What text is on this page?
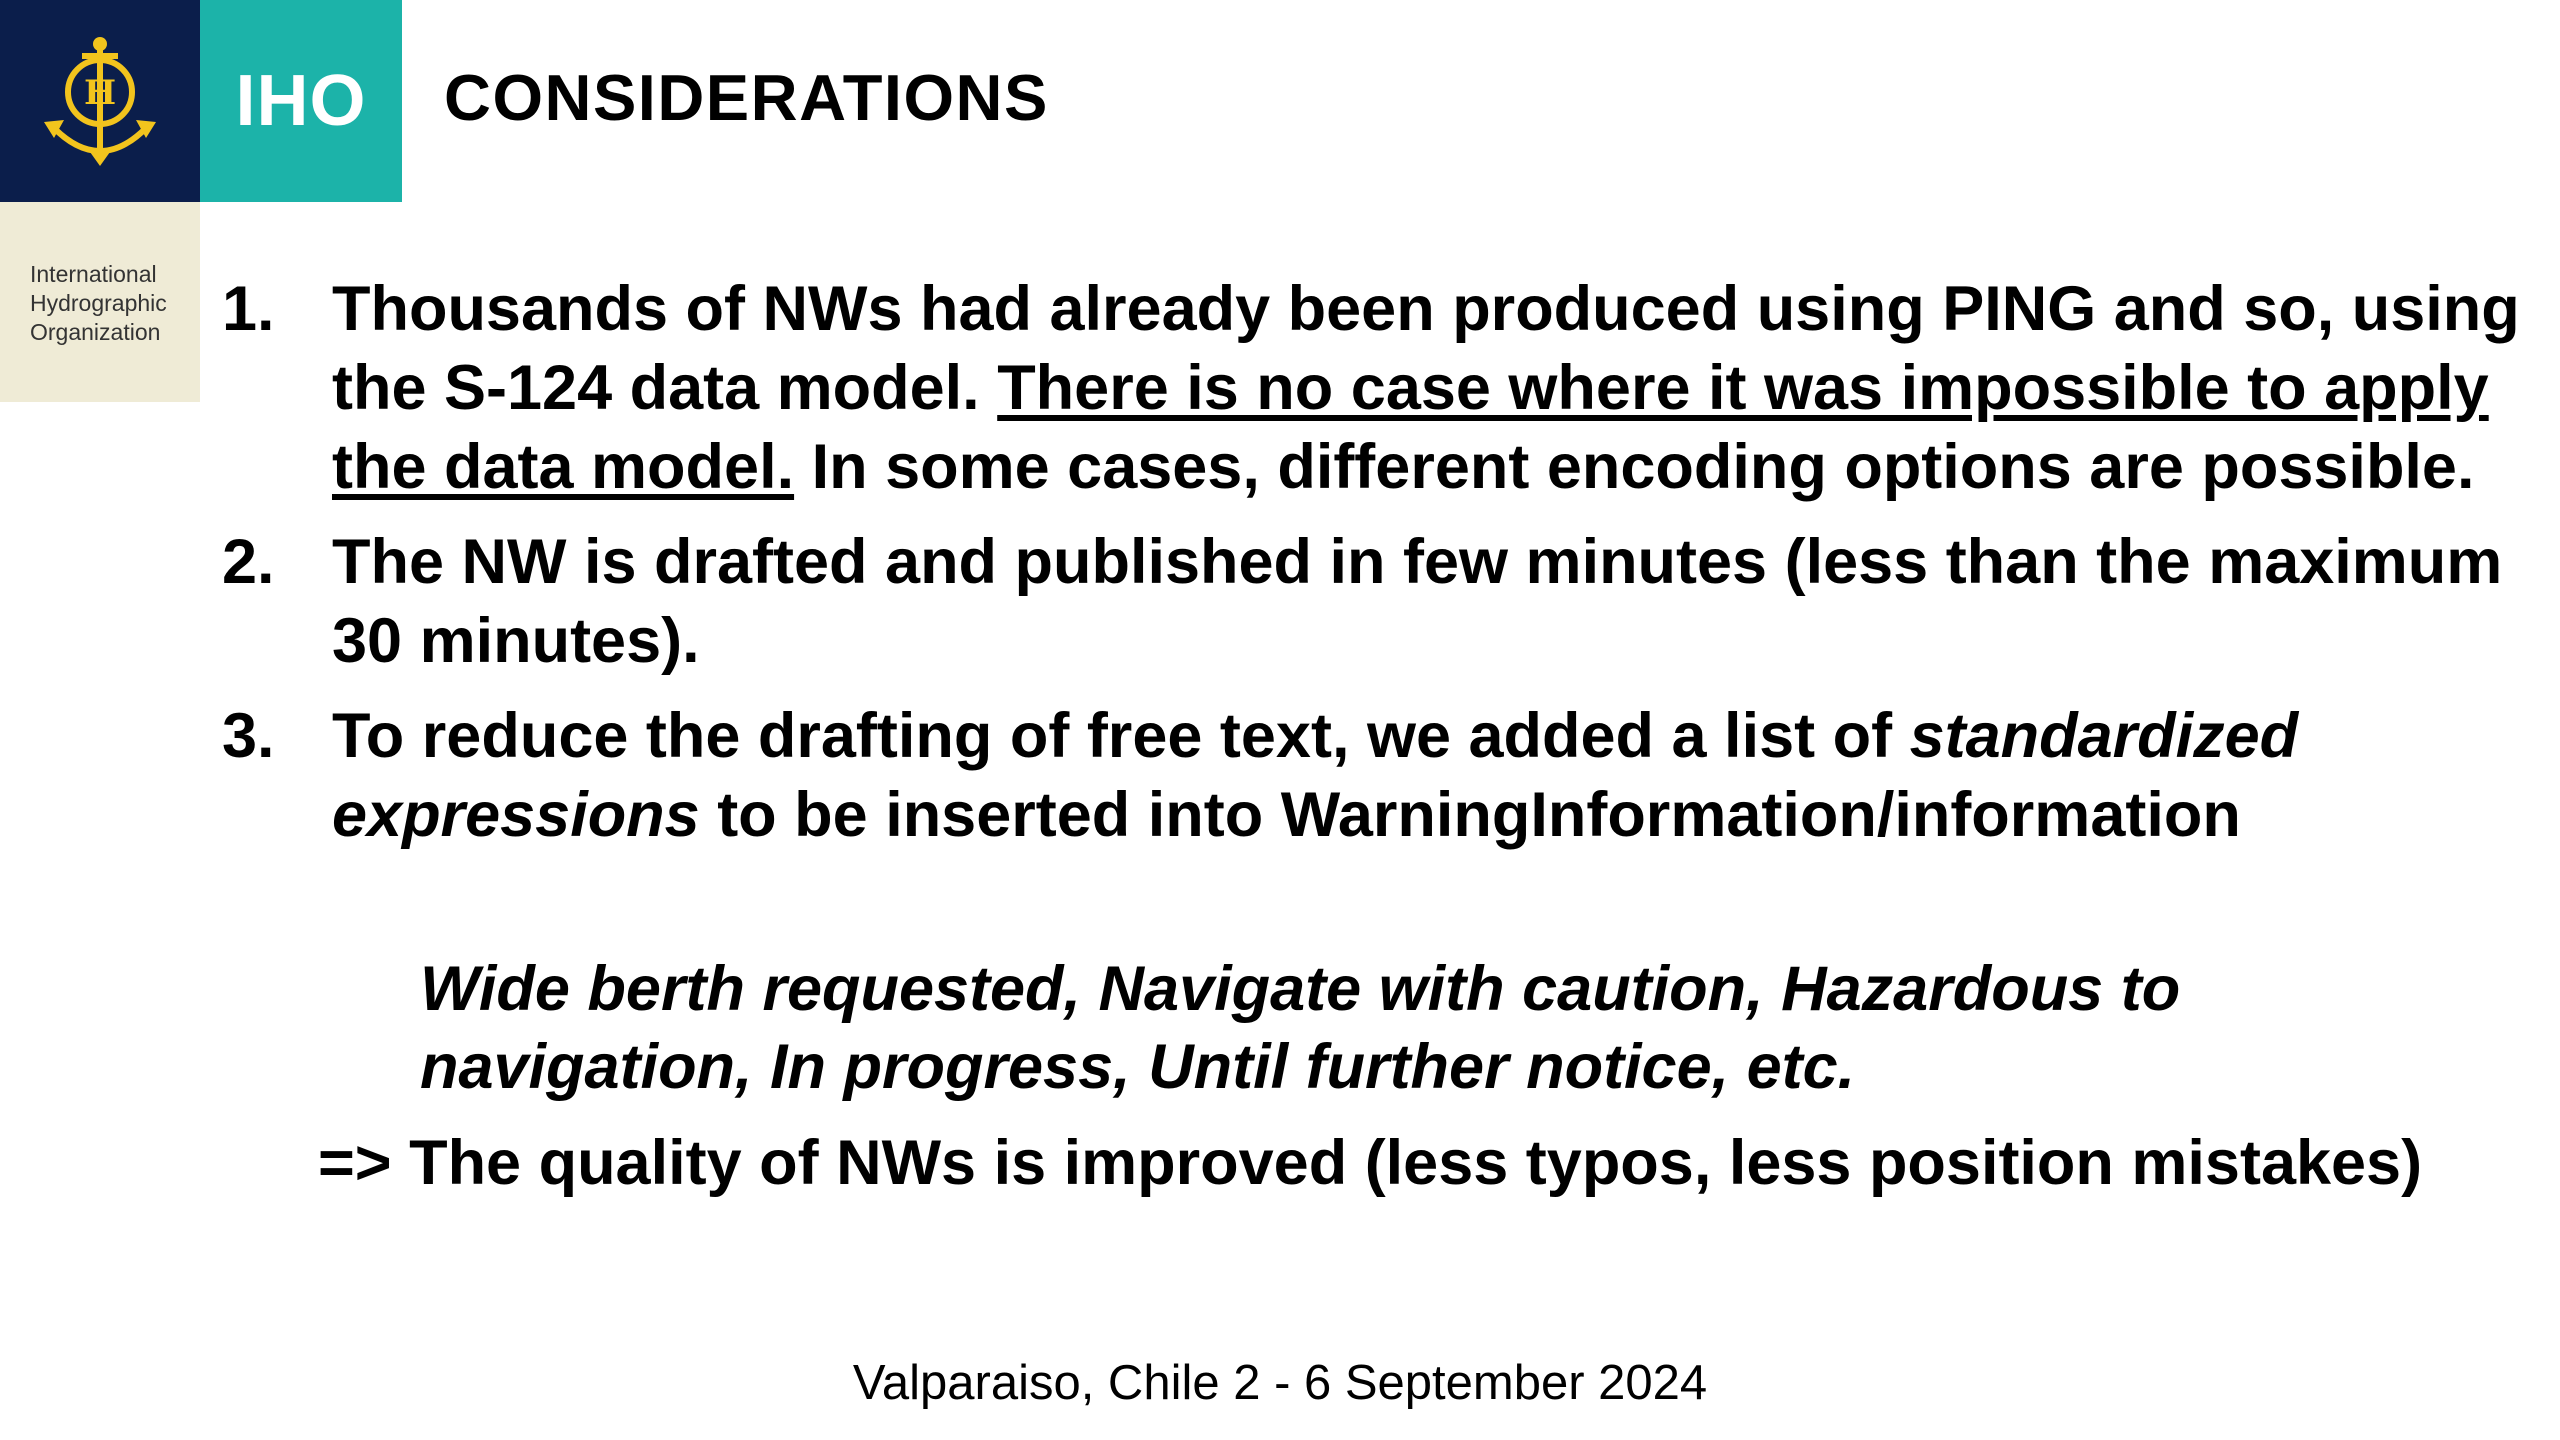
H IHO
International
Hydrographic
Organization
CONSIDERATIONS
1. Thousands of NWs had already been produced using PING and so, using the S-124 data model. There is no case where it was impossible to apply the data model. In some cases, different encoding options are possible.
2. The NW is drafted and published in few minutes (less than the maximum 30 minutes).
3. To reduce the drafting of free text, we added a list of standardized expressions to be inserted into WarningInformation/information
Wide berth requested, Navigate with caution, Hazardous to navigation, In progress, Until further notice, etc.
=> The quality of NWs is improved (less typos, less position mistakes)
Valparaiso, Chile 2 - 6 September 2024
